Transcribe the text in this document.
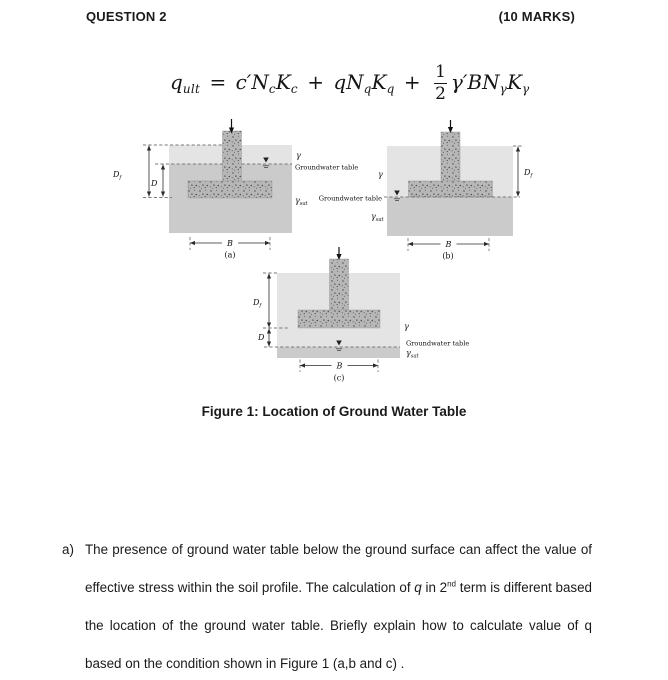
QUESTION 2	(10 MARKS)
$q_{ult} = c'N_cK_c + qN_qK_q + \frac{1}{2} \gamma'BN_\gamma K_\gamma$
$D_f$
D
γ
Groundwater table
$\gamma_{sat}$
B
(a)
$D_f$
γ
Groundwater table
$\gamma_{sat}$
B
(b)
$D_f$
D
γ
Groundwater table
$\gamma_{sat}$
B
(c)
Figure 1: Location of Ground Water Table
a) The presence of ground water table below the ground surface can affect the value of effective stress within the soil profile. The calculation of q in 2nd term is different based the location of the ground water table. Briefly explain how to calculate value of q based on the condition shown in Figure 1 (a,b and c) .
